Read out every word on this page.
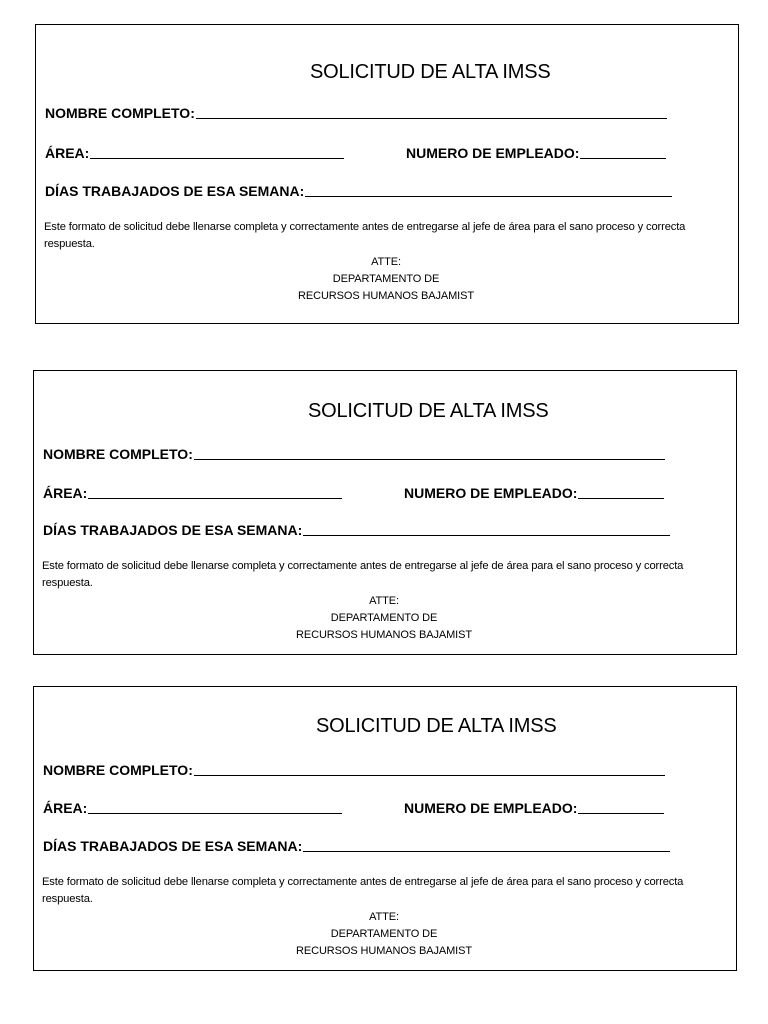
SOLICITUD DE ALTA IMSS
NOMBRE COMPLETO:
ÁREA:	NUMERO DE EMPLEADO:
DÍAS TRABAJADOS DE ESA SEMANA:
Este formato de solicitud debe llenarse completa y correctamente antes de entregarse al jefe de área para el sano proceso y correcta respuesta.
ATTE:
DEPARTAMENTO DE
RECURSOS HUMANOS BAJAMIST
SOLICITUD DE ALTA IMSS
NOMBRE COMPLETO:
ÁREA:	NUMERO DE EMPLEADO:
DÍAS TRABAJADOS DE ESA SEMANA:
Este formato de solicitud debe llenarse completa y correctamente antes de entregarse al jefe de área para el sano proceso y correcta respuesta.
ATTE:
DEPARTAMENTO DE
RECURSOS HUMANOS BAJAMIST
SOLICITUD DE ALTA IMSS
NOMBRE COMPLETO:
ÁREA:	NUMERO DE EMPLEADO:
DÍAS TRABAJADOS DE ESA SEMANA:
Este formato de solicitud debe llenarse completa y correctamente antes de entregarse al jefe de área para el sano proceso y correcta respuesta.
ATTE:
DEPARTAMENTO DE
RECURSOS HUMANOS BAJAMIST
